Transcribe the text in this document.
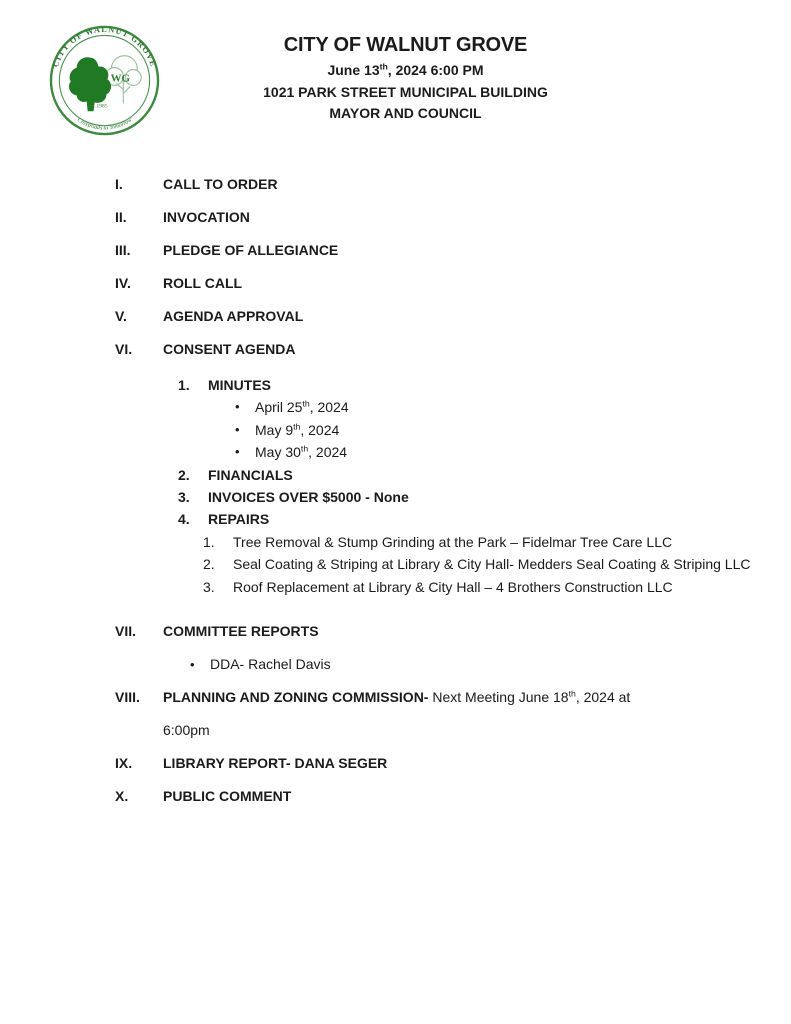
CITY OF WALNUT GROVE
WG
est. 1985
Crossroads to Tomorrow
CITY OF WALNUT GROVE
June 13th, 2024 6:00 PM
1021 PARK STREET MUNICIPAL BUILDING
MAYOR AND COUNCIL
I.	CALL TO ORDER
II.	INVOCATION
III.	PLEDGE OF ALLEGIANCE
IV.	ROLL CALL
V.	AGENDA APPROVAL
VI.	CONSENT AGENDA
1.	MINUTES
•	April 25th, 2024
•	May 9th, 2024
•	May 30th, 2024
2.	FINANCIALS
3.	INVOICES OVER $5000 - None
4.	REPAIRS
1.	Tree Removal & Stump Grinding at the Park – Fidelmar Tree Care LLC
2.	Seal Coating & Striping at Library & City Hall- Medders Seal Coating & Striping LLC
3.	Roof Replacement at Library & City Hall – 4 Brothers Construction LLC
VII.	COMMITTEE REPORTS
•	DDA- Rachel Davis
VIII.	PLANNING AND ZONING COMMISSION- Next Meeting June 18th, 2024 at
6:00pm
IX.	LIBRARY REPORT- DANA SEGER
X.	PUBLIC COMMENT
